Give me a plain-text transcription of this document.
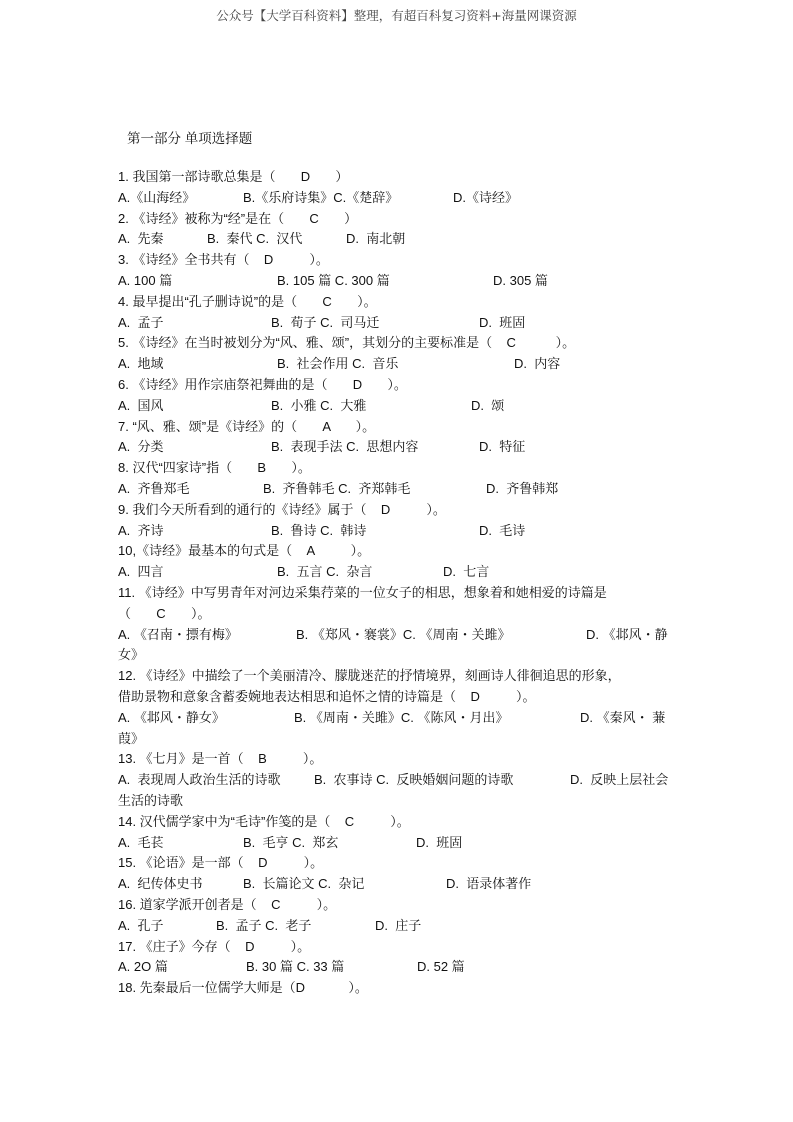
公众号【大学百科资料】整理，有超百科复习资料+海量网课资源
第一部分 单项选择题
1. 我国第一部诗歌总集是（       D       ）
A.《山海经》	B.《乐府诗集》C.《楚辞》	D.《诗经》
2. 《诗经》被称为“经”是在（       C       ）
A.  先秦	B.  秦代 C.  汉代	D.  南北朝
3. 《诗经》全书共有（    D          ）。
A. 100 篇	B. 105 篇 C. 300 篇	D. 305 篇
4. 最早提出“孔子删诗说”的是（       C       ）。
A.  孟子	B.  荀子 C.  司马迁	D.  班固
5. 《诗经》在当时被划分为“风、雅、颂”，其划分的主要标准是（    C           ）。
A.  地域	B.  社会作用 C.  音乐	D.  内容
6. 《诗经》用作宗庙祭祀舞曲的是（       D       ）。
A.  国风	B.  小雅 C.  大雅	D.  颂
7. “风、雅、颂”是《诗经》的（       A       ）。
A.  分类	B.  表现手法 C.  思想内容	D.  特征
8. 汉代“四家诗”指（       B       ）。
A.  齐鲁郑毛	B.  齐鲁韩毛 C.  齐郑韩毛	D.  齐鲁韩郑
9. 我们今天所看到的通行的《诗经》属于（    D          ）。
A.  齐诗	B.  鲁诗 C.  韩诗	D.  毛诗
10,《诗经》最基本的句式是（    A          ）。
A.  四言	B.  五言 C.  杂言	D.  七言
11. 《诗经》中写男青年对河边采集荇菜的一位女子的相思，想象着和她相爱的诗篇是
（       C       ）。
A. 《召南・摽有梅》	B. 《郑风・褰裳》C. 《周南・关雎》	D. 《邶风・静
女》
12. 《诗经》中描绘了一个美丽清冷、朦胧迷茫的抒情境界，刻画诗人徘徊追思的形象，
借助景物和意象含蓄委婉地表达相思和追怀之情的诗篇是（    D          ）。
A. 《邶风・静女》	B. 《周南・关雎》C. 《陈风・月出》	D. 《秦风・ 蒹
葭》
13. 《七月》是一首（    B          ）。
A.  表现周人政治生活的诗歌	B.  农事诗 C.  反映婚姻问题的诗歌	D.  反映上层社会
生活的诗歌
14. 汉代儒学家中为“毛诗”作笺的是（    C          ）。
A.  毛苌	B.  毛亨 C.  郑玄	D.  班固
15. 《论语》是一部（    D          ）。
A.  纪传体史书	B.  长篇论文 C.  杂记	D.  语录体著作
16. 道家学派开创者是（    C          ）。
A.  孔子	B.  孟子 C.  老子	D.  庄子
17. 《庄子》今存（    D          ）。
A. 2O 篇	B. 30 篇 C. 33 篇	D. 52 篇
18. 先秦最后一位儒学大师是（D            ）。
